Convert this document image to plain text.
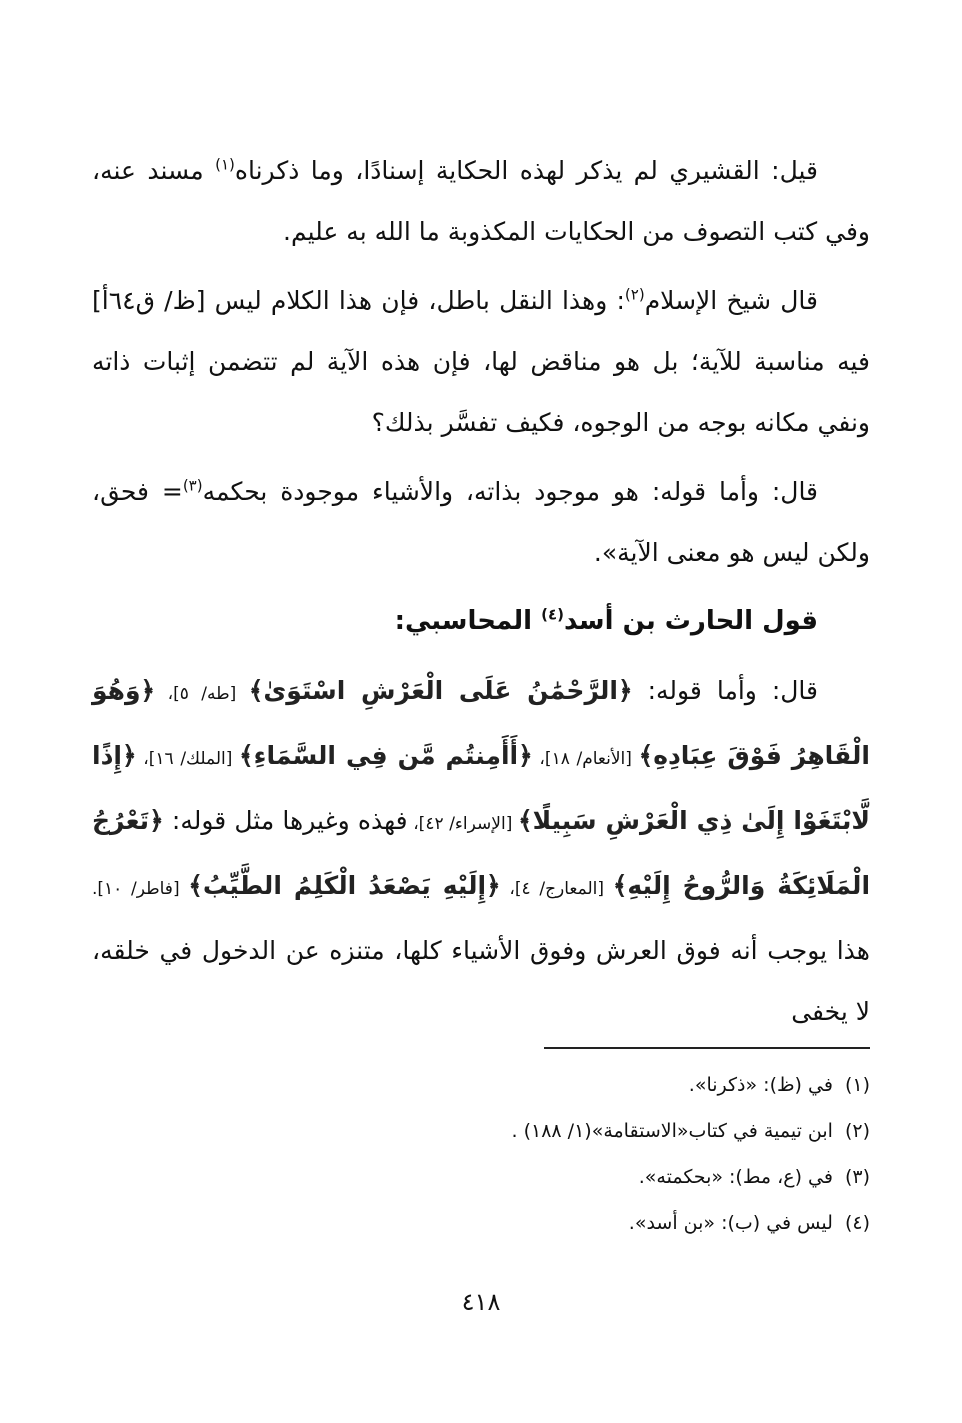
قيل: القشيري لم يذكر لهذه الحكاية إسنادًا، وما ذكرناه$^{(١)}$ مسند عنه، وفي كتب التصوف من الحكايات المكذوبة ما الله به عليم.

قال شيخ الإسلام$^{(٢)}$: وهذا النقل باطل، فإن هذا الكلام ليس [ظ/ ق٦٤أ] فيه مناسبة للآية؛ بل هو مناقض لها، فإن هذه الآية لم تتضمن إثبات ذاته ونفي مكانه بوجه من الوجوه، فكيف تفسَّر بذلك؟

قال: وأما قوله: هو موجود بذاته، والأشياء موجودة بحكمه$^{(٣)}$= فحق، ولكن ليس هو معنى الآية».

قول الحارث بن أسد$^{(٤)}$ المحاسبي:

قال: وأما قوله: ﴿الرَّحْمَٰنُ عَلَى الْعَرْشِ اسْتَوَىٰ﴾ [طه/ ٥]، ﴿وَهُوَ الْقَاهِرُ فَوْقَ عِبَادِهِ﴾ [الأنعام/ ١٨]، ﴿أَأَمِنتُم مَّن فِي السَّمَاءِ﴾ [الملك/ ١٦]، ﴿إِذًا لَّابْتَغَوْا إِلَىٰ ذِي الْعَرْشِ سَبِيلًا﴾ [الإسراء/ ٤٢]، فهذه وغيرها مثل قوله: ﴿تَعْرُجُ الْمَلَائِكَةُ وَالرُّوحُ إِلَيْهِ﴾ [المعارج/ ٤]، ﴿إِلَيْهِ يَصْعَدُ الْكَلِمُ الطَّيِّبُ﴾ [فاطر/ ١٠]. هذا يوجب أنه فوق العرش وفوق الأشياء كلها، متنزه عن الدخول في خلقه، لا يخفى

(١)في (ظ): «ذكرنا».

(٢)ابن تيمية في كتاب«الاستقامة»(١/ ١٨٨) .

(٣)في (ع، مط): «بحكمته».

(٤)ليس في (ب): «بن أسد».

٤١٨
